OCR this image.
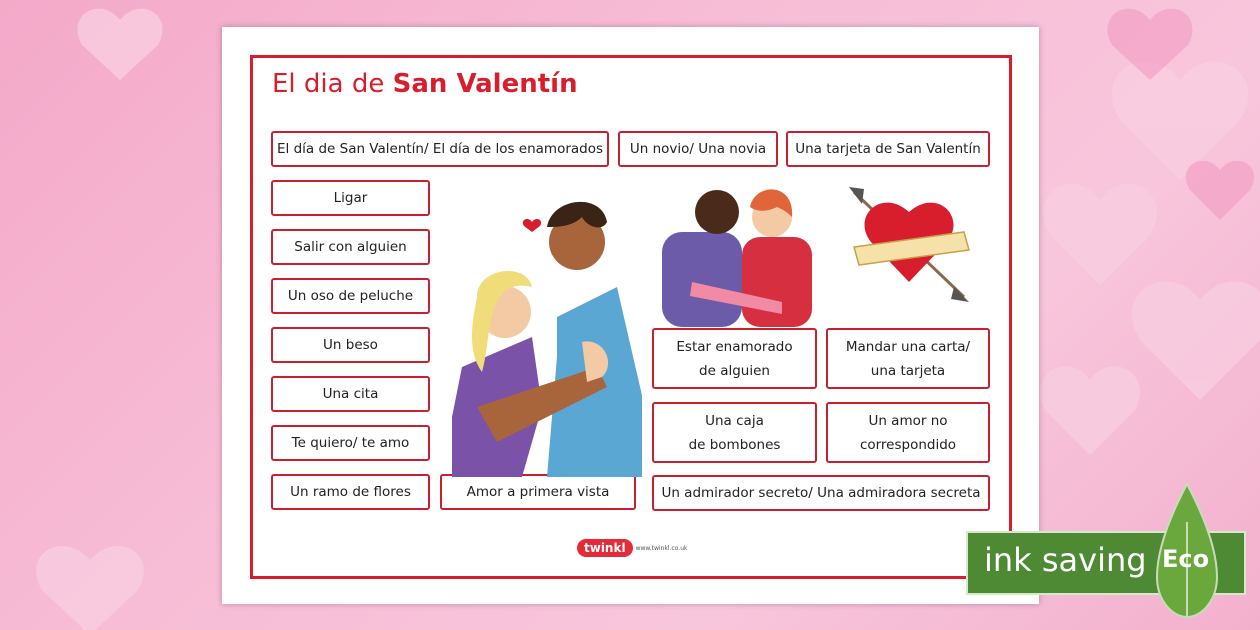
El dia de San Valentín
El día de San Valentín/ El día de los enamorados Un novio/ Una novia Una tarjeta de San Valentín
Ligar
Salir con alguien
Un oso de peluche
Un beso
Una cita
Te quiero/ te amo
Un ramo de flores	Amor a primera vista
Estar enamorado
de alguien
Mandar una carta/
una tarjeta
Una caja
de bombones
Un amor no
correspondido
Un admirador secreto/ Una admiradora secreta
twinkl	www.twinkl.co.uk	ink saving Eco
